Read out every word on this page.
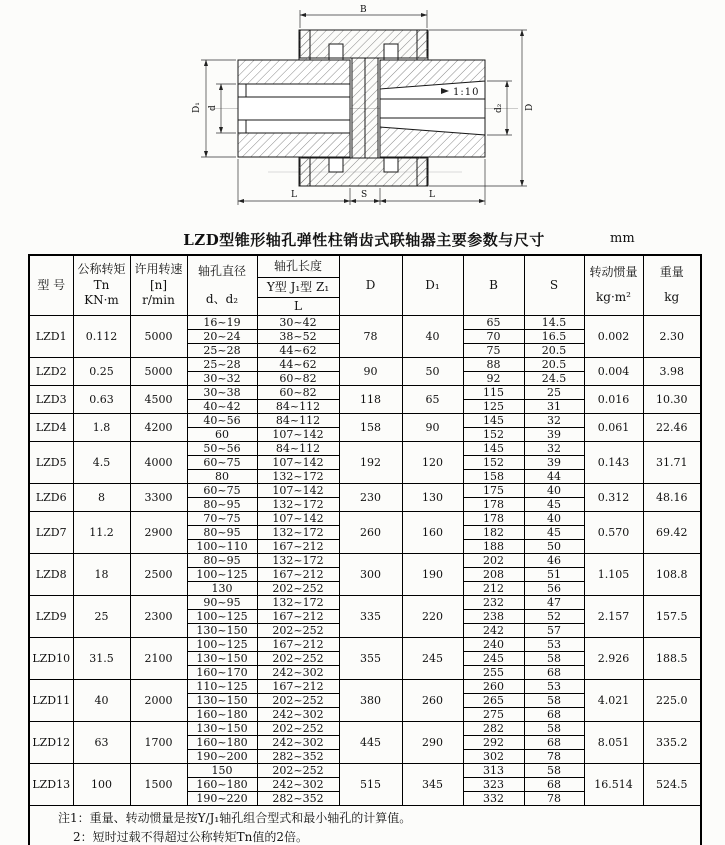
B
D
D₁ d	d₂
L	S	L
1:10
LZD型锥形轴孔弹性柱销齿式联轴器主要参数与尺寸	mm
型 号	
公称转矩
Tn
KN·m

许用转速
[n]
r/min

轴孔直径
d、d₂
	轴孔长度	D	D₁	B	S	
转动惯量
kg·m²

重量
kg

				Y型 J₁型 Z₁						
				L						
LZD1	0.112	5000	16~19	30~42	78	40	65	14.5	0.002	2.30
			20~24	38~52			70	16.5		
			25~28	44~62			75	20.5		
LZD2	0.25	5000	25~28	44~62	90	50	88	20.5	0.004	3.98
			30~32	60~82			92	24.5		
LZD3	0.63	4500	30~38	60~82	118	65	115	25	0.016	10.30
			40~42	84~112			125	31		
LZD4	1.8	4200	40~56	84~112	158	90	145	32	0.061	22.46
			60	107~142			152	39		
LZD5	4.5	4000	50~56	84~112	192	120	145	32	0.143	31.71
			60~75	107~142			152	39		
			80	132~172			158	44		
LZD6	8	3300	60~75	107~142	230	130	175	40	0.312	48.16
			80~95	132~172			178	45		
LZD7	11.2	2900	70~75	107~142	260	160	178	40	0.570	69.42
			80~95	132~172			182	45		
			100~110	167~212			188	50		
LZD8	18	2500	80~95	132~172	300	190	202	46	1.105	108.8
			100~125	167~212			208	51		
			130	202~252			212	56		
LZD9	25	2300	90~95	132~172	335	220	232	47	2.157	157.5
			100~125	167~212			238	52		
			130~150	202~252			242	57		
LZD10	31.5	2100	100~125	167~212	355	245	240	53	2.926	188.5
			130~150	202~252			245	58		
			160~170	242~302			255	68		
LZD11	40	2000	110~125	167~212	380	260	260	53	4.021	225.0
			130~150	202~252			265	58		
			160~180	242~302			275	68		
LZD12	63	1700	130~150	202~252	445	290	282	58	8.051	335.2
			160~180	242~302			292	68		
			190~200	282~352			302	78		
LZD13	100	1500	150	202~252	515	345	313	58	16.514	524.5
			160~180	242~302			323	68		
			190~220	282~352			332	78		

注1：重量、转动惯量是按Y/J₁轴孔组合型式和最小轴孔的计算值。
2：短时过载不得超过公称转矩Tn值的2倍。										
